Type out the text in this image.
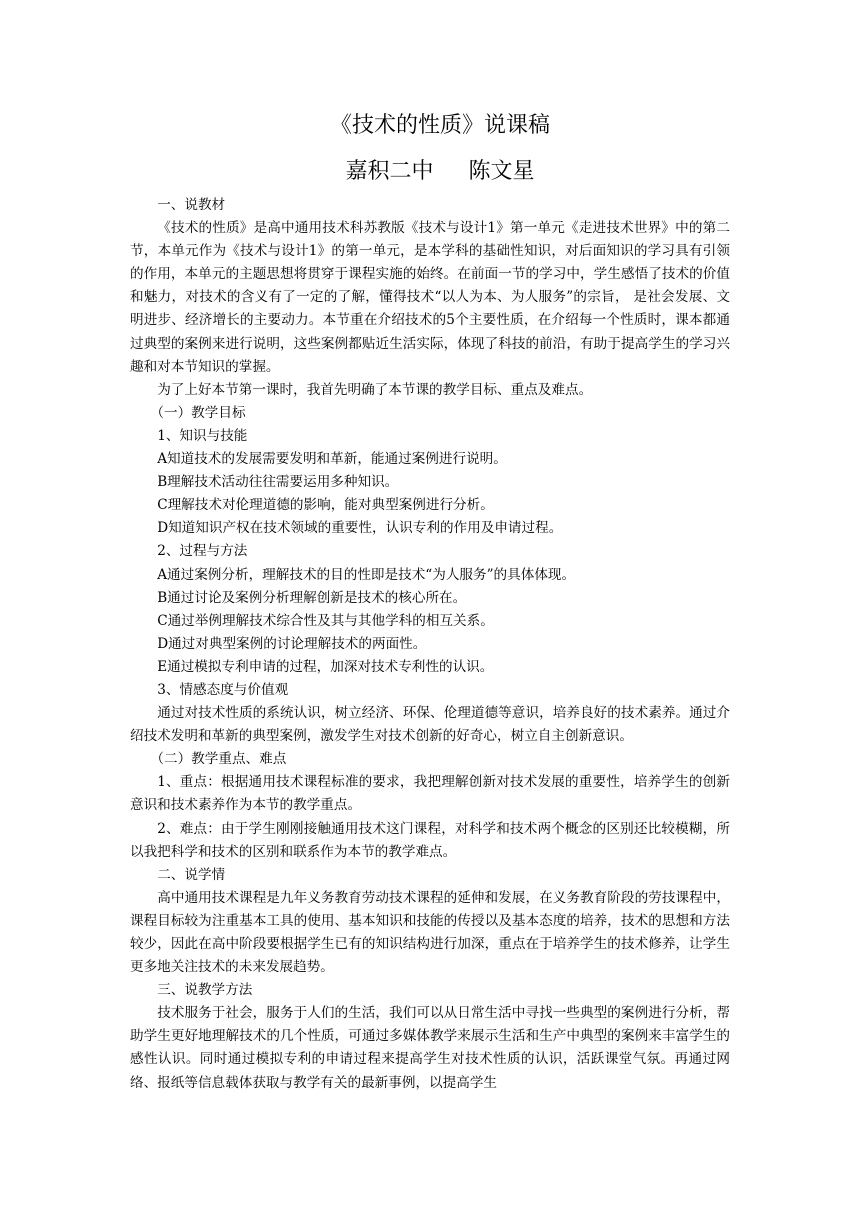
《技术的性质》说课稿
嘉积二中     陈文星

一、说教材

《技术的性质》是高中通用技术科苏教版《技术与设计1》第一单元《走进技术世界》中的第二节，本单元作为《技术与设计1》的第一单元，是本学科的基础性知识，对后面知识的学习具有引领的作用，本单元的主题思想将贯穿于课程实施的始终。在前面一节的学习中，学生感悟了技术的价值和魅力，对技术的含义有了一定的了解，懂得技术“以人为本、为人服务”的宗旨， 是社会发展、文明进步、经济增长的主要动力。本节重在介绍技术的5个主要性质，在介绍每一个性质时，课本都通过典型的案例来进行说明，这些案例都贴近生活实际，体现了科技的前沿，有助于提高学生的学习兴趣和对本节知识的掌握。

为了上好本节第一课时，我首先明确了本节课的教学目标、重点及难点。

（一）教学目标

1、知识与技能

A知道技术的发展需要发明和革新，能通过案例进行说明。

B理解技术活动往往需要运用多种知识。

C理解技术对伦理道德的影响，能对典型案例进行分析。

D知道知识产权在技术领域的重要性，认识专利的作用及申请过程。

2、过程与方法

A通过案例分析，理解技术的目的性即是技术“为人服务”的具体体现。

B通过讨论及案例分析理解创新是技术的核心所在。

C通过举例理解技术综合性及其与其他学科的相互关系。

D通过对典型案例的讨论理解技术的两面性。

E通过模拟专利申请的过程，加深对技术专利性的认识。

3、情感态度与价值观

通过对技术性质的系统认识，树立经济、环保、伦理道德等意识，培养良好的技术素养。通过介绍技术发明和革新的典型案例，激发学生对技术创新的好奇心，树立自主创新意识。

（二）教学重点、难点

1、重点：根据通用技术课程标准的要求，我把理解创新对技术发展的重要性，培养学生的创新意识和技术素养作为本节的教学重点。

2、难点：由于学生刚刚接触通用技术这门课程，对科学和技术两个概念的区别还比较模糊，所以我把科学和技术的区别和联系作为本节的教学难点。

二、说学情

高中通用技术课程是九年义务教育劳动技术课程的延伸和发展，在义务教育阶段的劳技课程中，课程目标较为注重基本工具的使用、基本知识和技能的传授以及基本态度的培养，技术的思想和方法较少，因此在高中阶段要根据学生已有的知识结构进行加深，重点在于培养学生的技术修养，让学生更多地关注技术的未来发展趋势。

三、说教学方法

技术服务于社会，服务于人们的生活，我们可以从日常生活中寻找一些典型的案例进行分析，帮助学生更好地理解技术的几个性质，可通过多媒体教学来展示生活和生产中典型的案例来丰富学生的感性认识。同时通过模拟专利的申请过程来提高学生对技术性质的认识，活跃课堂气氛。再通过网络、报纸等信息载体获取与教学有关的最新事例，以提高学生
